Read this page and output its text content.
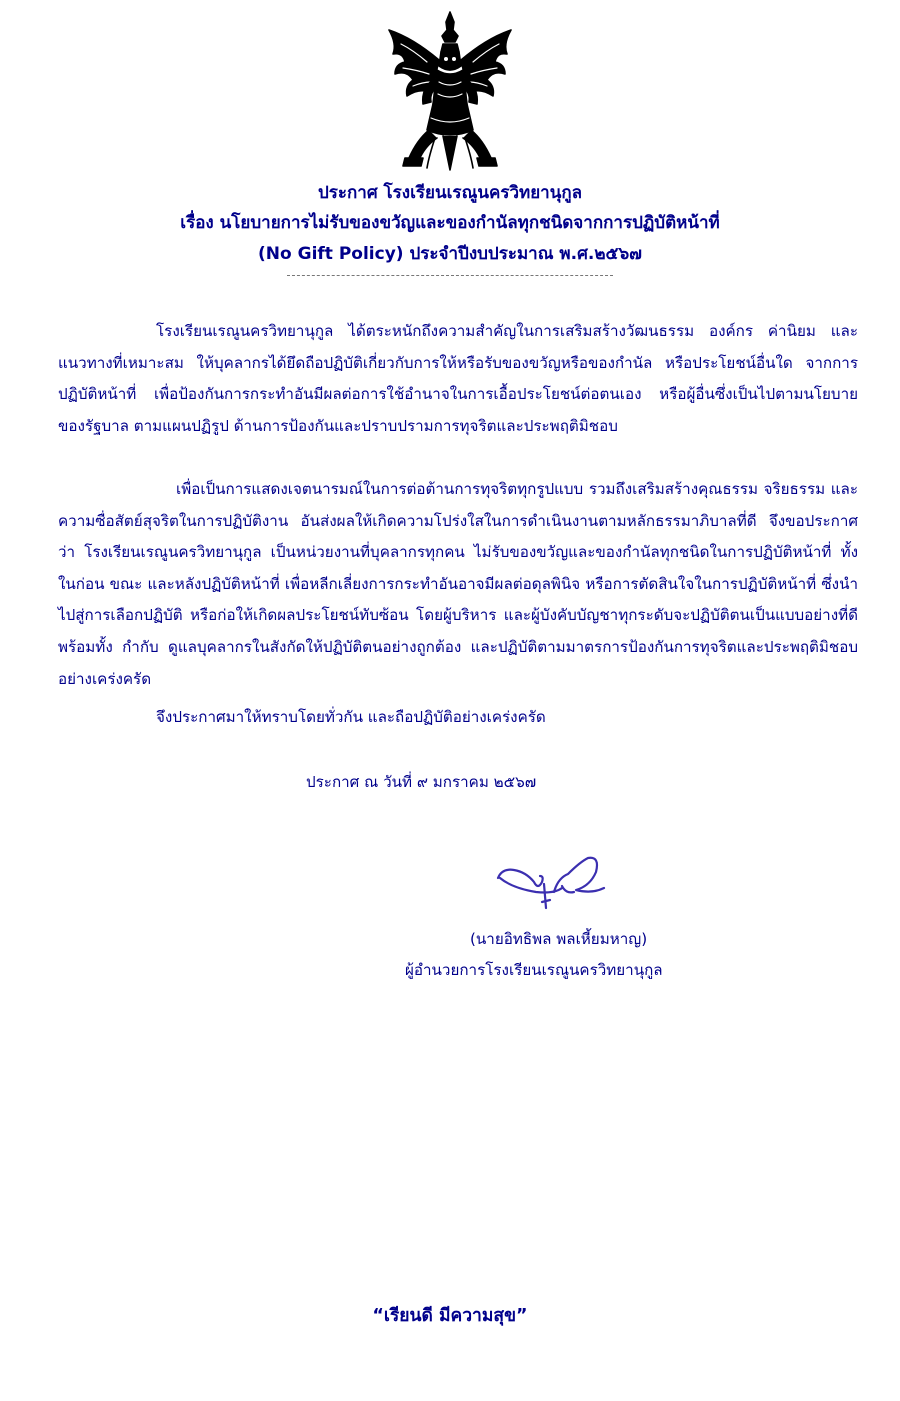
ประกาศ โรงเรียนเรณูนครวิทยานุกูล
เรื่อง นโยบายการไม่รับของขวัญและของกำนัลทุกชนิดจากการปฏิบัติหน้าที่
(No Gift Policy) ประจำปีงบประมาณ พ.ศ.๒๕๖๗
โรงเรียนเรณูนครวิทยานุกูล ได้ตระหนักถึงความสำคัญในการเสริมสร้างวัฒนธรรม องค์กร ค่านิยม และแนวทางที่เหมาะสม ให้บุคลากรได้ยึดถือปฏิบัติเกี่ยวกับการให้หรือรับของขวัญหรือของกำนัล หรือประโยชน์อื่นใด จากการปฏิบัติหน้าที่ เพื่อป้องกันการกระทำอันมีผลต่อการใช้อำนาจในการเอื้อประโยชน์ต่อตนเอง หรือผู้อื่นซึ่งเป็นไปตามนโยบายของรัฐบาล ตามแผนปฏิรูป ด้านการป้องกันและปราบปรามการทุจริตและประพฤติมิชอบ
เพื่อเป็นการแสดงเจตนารมณ์ในการต่อต้านการทุจริตทุกรูปแบบ รวมถึงเสริมสร้างคุณธรรม จริยธรรม และความซื่อสัตย์สุจริตในการปฏิบัติงาน อันส่งผลให้เกิดความโปร่งใสในการดำเนินงานตามหลักธรรมาภิบาลที่ดี จึงขอประกาศว่า โรงเรียนเรณูนครวิทยานุกูล เป็นหน่วยงานที่บุคลากรทุกคน ไม่รับของขวัญและของกำนัลทุกชนิดในการปฏิบัติหน้าที่ ทั้งในก่อน ขณะ และหลังปฏิบัติหน้าที่ เพื่อหลีกเลี่ยงการกระทำอันอาจมีผลต่อดุลพินิจ หรือการตัดสินใจในการปฏิบัติหน้าที่ ซึ่งนำไปสู่การเลือกปฏิบัติ หรือก่อให้เกิดผลประโยชน์ทับซ้อน โดยผู้บริหาร และผู้บังคับบัญชาทุกระดับจะปฏิบัติตนเป็นแบบอย่างที่ดี พร้อมทั้ง กำกับ ดูแลบุคลากรในสังกัดให้ปฏิบัติตนอย่างถูกต้อง และปฏิบัติตามมาตรการป้องกันการทุจริตและประพฤติมิชอบอย่างเคร่งครัด
จึงประกาศมาให้ทราบโดยทั่วกัน และถือปฏิบัติอย่างเคร่งครัด
ประกาศ ณ วันที่ ๙ มกราคม ๒๕๖๗
(นายอิทธิพล พลเหี้ยมหาญ)
ผู้อำนวยการโรงเรียนเรณูนครวิทยานุกูล
“เรียนดี มีความสุข”
